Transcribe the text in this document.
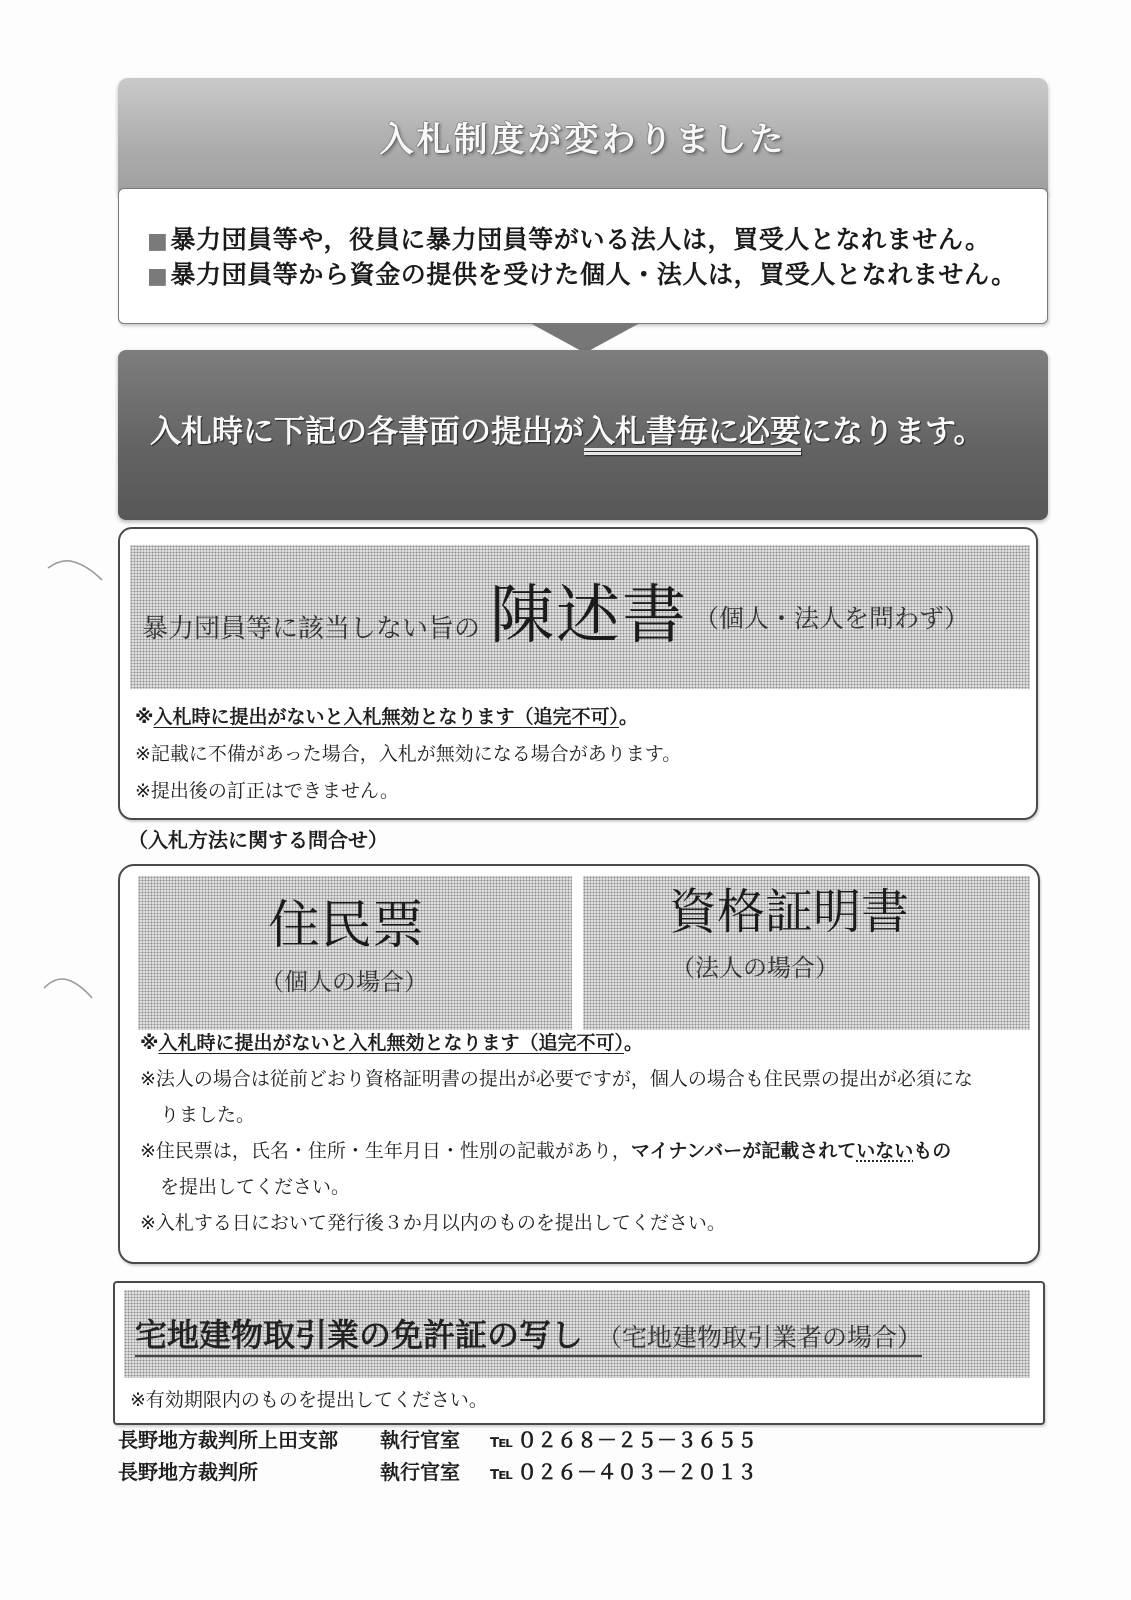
入札制度が変わりました
■暴力団員等や，役員に暴力団員等がいる法人は，買受人となれません。
■暴力団員等から資金の提供を受けた個人・法人は，買受人となれません。
入札時に下記の各書面の提出が入札書毎に必要になります。
暴力団員等に該当しない旨の 陳述書 （個人・法人を問わず）
※入札時に提出がないと入札無効となります（追完不可）。
※記載に不備があった場合，入札が無効になる場合があります。
※提出後の訂正はできません。
（入札方法に関する問合せ）
住民票
（個人の場合）
資格証明書
（法人の場合）
※入札時に提出がないと入札無効となります（追完不可）。
※法人の場合は従前どおり資格証明書の提出が必要ですが，個人の場合も住民票の提出が必須にな
りました。
※住民票は，氏名・住所・生年月日・性別の記載があり，マイナンバーが記載されていないもの
を提出してください。
※入札する日において発行後３か月以内のものを提出してください。
宅地建物取引業の免許証の写し （宅地建物取引業者の場合）
※有効期限内のものを提出してください。
長野地方裁判所上田支部	執行官室	℡ ０２６８－２５－３６５５
長野地方裁判所	執行官室	℡ ０２６－４０３－２０１３
